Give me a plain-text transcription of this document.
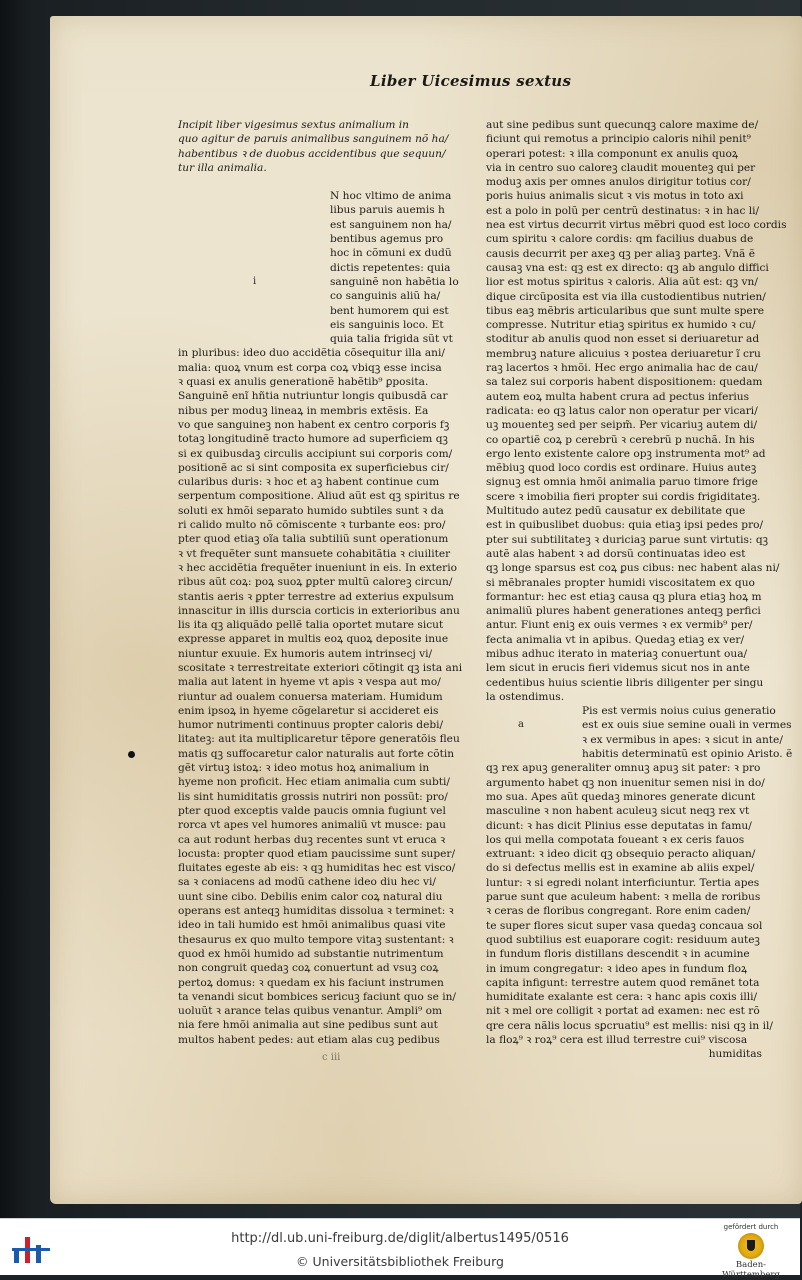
Liber Uicesimus sextus

Incipit liber vigesimus sextus animalium in

quo agitur de paruis animalibus sanguinem nõ ha/

habentibus ꝛ de duobus accidentibus que sequun/

tur illa animalia.

i

N hoc vltimo de anima

libus paruis auemis h

est sanguinem non ha/

bentibus agemus pro

hoc in cõmuni ex dudũ

dictis repetentes: quia

sanguinẽ non habẽtia lo

co sanguinis aliũ ha/

bent humorem qui est

eis sanguinis loco. Et

quia talia frigida sũt vt

in pluribus: ideo duo accidẽtia cõsequitur illa ani/

malia: quoꝝ vnum est corpa coꝝ vbiqꝫ esse incisa

ꝛ quasi ex anulis generationẽ habẽtib⁹ ꝑposita.

Sanguinẽ enĩ hñtia nutriuntur longis quibusdã car

nibus per moduꝫ lineaꝝ in membris extẽsis. Ea

vo que sanguineꝫ non habent ex centro corporis fꝫ

totaꝫ longitudinẽ tracto humore ad superficiem qꝫ

si ex quibusdaꝫ circulis accipiunt sui corporis com/

positionẽ ac si sint composita ex superficiebus cir/

cularibus duris: ꝛ hoc et aꝫ habent continue cum

serpentum compositione. Aliud aũt est qꝫ spiritus re

soluti ex hmõi separato humido subtiles sunt ꝛ da

ri calido multo nõ cõmiscente ꝛ turbante eos: pro/

pter quod etiaꝫ oĩa talia subtiliũ sunt operationum

ꝛ vt frequẽter sunt mansuete cohabitãtia ꝛ ciuiliter

ꝛ hec accidẽtia frequẽter inueniunt in eis. In exterio

ribus aũt coꝝ: poꝝ suoꝝ ꝑpter multũ caloreꝫ circun/

stantis aeris ꝛ ꝑpter terrestre ad exterius expulsum

innascitur in illis durscia corticis in exterioribus anu

lis ita qꝫ aliquãdo pellẽ talia oportet mutare sicut

expresse apparet in multis eoꝝ quoꝝ deposite inue

niuntur exuuie. Ex humoris autem intrinsecj vi/

scositate ꝛ terrestreitate exteriori cõtingit qꝫ ista ani

malia aut latent in hyeme vt apis ꝛ vespa aut mo/

riuntur ad oualem conuersa materiam. Humidum

enim ipsoꝝ in hyeme cõgelaretur si accideret eis

humor nutrimenti continuus propter caloris debi/

litateꝫ: aut ita multiplicaretur tẽpore generatõis fleu

matis qꝫ suffocaretur calor naturalis aut forte cõtin

gẽt virtuꝫ istoꝝ: ꝛ ideo motus hoꝝ animalium in

hyeme non proficit. Hec etiam animalia cum subti/

lis sint humiditatis grossis nutriri non possũt: pro/

pter quod exceptis valde paucis omnia fugiunt vel

rorca vt apes vel humores animaliũ vt musce: pau

ca aut rodunt herbas duꝫ recentes sunt vt eruca ꝛ

locusta: propter quod etiam paucissime sunt super/

fluitates egeste ab eis: ꝛ qꝫ humiditas hec est visco/

sa ꝛ coniacens ad modũ cathene ideo diu hec vi/

uunt sine cibo. Debilis enim calor coꝝ natural diu

operans est anteqꝫ humiditas dissolua ꝛ terminet: ꝛ

ideo in tali humido est hmõi animalibus quasi vite

thesaurus ex quo multo tempore vitaꝫ sustentant: ꝛ

quod ex hmõi humido ad substantie nutrimentum

non congruit quedaꝫ coꝝ conuertunt ad vsuꝫ coꝝ

pertoꝝ domus: ꝛ quedam ex his faciunt instrumen

ta venandi sicut bombices sericuꝫ faciunt quo se in/

uoluũt ꝛ arance telas quibus venantur. Ampli⁹ om

nia fere hmõi animalia aut sine pedibus sunt aut

multos habent pedes: aut etiam alas cuꝫ pedibus

aut sine pedibus sunt quecunqꝫ calore maxime de/

ficiunt qui remotus a principio caloris nihil penit⁹

operari potest: ꝛ illa componunt ex anulis quoꝝ

via in centro suo caloreꝫ claudit mouenteꝫ qui per

moduꝫ axis per omnes anulos dirigitur totius cor/

poris huius animalis sicut ꝛ vis motus in toto axi

est a polo in polũ per centrũ destinatus: ꝛ in hac li/

nea est virtus decurrit virtus mẽbri quod est loco cordis

cum spiritu ꝛ calore cordis: qm facilius duabus de

causis decurrit per axeꝫ qꝫ per aliaꝫ parteꝫ. Vnã ẽ

causaꝫ vna est: qꝫ est ex directo: qꝫ ab angulo diffici

lior est motus spiritus ꝛ caloris. Alia aũt est: qꝫ vn/

dique circũposita est via illa custodientibus nutrien/

tibus eaꝫ mẽbris articularibus que sunt multe spere

compresse. Nutritur etiaꝫ spiritus ex humido ꝛ cu/

stoditur ab anulis quod non esset si deriuaretur ad

membruꝫ nature alicuius ꝛ postea deriuaretur ĩ cru

raꝫ lacertos ꝛ hmõi. Hec ergo animalia hac de cau/

sa talez sui corporis habent dispositionem: quedam

autem eoꝝ multa habent crura ad pectus inferius

radicata: eo qꝫ latus calor non operatur per vicari/

uꝫ mouenteꝫ sed per seipm̃. Per vicariuꝫ autem di/

co opartiẽ coꝝ p cerebrũ ꝛ cerebrũ p nuchã. In his

ergo lento existente calore opꝫ instrumenta mot⁹ ad

mẽbiuꝫ quod loco cordis est ordinare. Huius auteꝫ

signuꝫ est omnia hmõi animalia paruo timore frige

scere ꝛ imobilia fieri propter sui cordis frigiditateꝫ.

Multitudo autez pedũ causatur ex debilitate que

est in quibuslibet duobus: quia etiaꝫ ipsi pedes pro/

pter sui subtilitateꝫ ꝛ duriciaꝫ parue sunt virtutis: qꝫ

autẽ alas habent ꝛ ad dorsũ continuatas ideo est

qꝫ longe sparsus est coꝝ ꝑus cibus: nec habent alas ni/

si mẽbranales propter humidi viscositatem ex quo

formantur: hec est etiaꝫ causa qꝫ plura etiaꝫ hoꝝ m

animaliũ plures habent generationes anteqꝫ perfici

antur. Fiunt eniꝫ ex ouis vermes ꝛ ex vermib⁹ per/

fecta animalia vt in apibus. Quedaꝫ etiaꝫ ex ver/

mibus adhuc iterato in materiaꝫ conuertunt oua/

lem sicut in erucis fieri videmus sicut nos in ante

cedentibus huius scientie libris diligenter per singu

la ostendimus.

Pis est vermis noius cuius generatio

a	est ex ouis siue semine ouali in vermes

ꝛ ex vermibus in apes: ꝛ sicut in ante/

habitis determinatũ est opinio Aristo. ẽ

qꝫ rex apuꝫ generaliter omnuꝫ apuꝫ sit pater: ꝛ pro

argumento habet qꝫ non inuenitur semen nisi in do/

mo sua. Apes aũt quedaꝫ minores generate dicunt

masculine ꝛ non habent aculeuꝫ sicut neqꝫ rex vt

dicunt: ꝛ has dicit Plinius esse deputatas in famu/

los qui mella compotata foueant ꝛ ex ceris fauos

extruant: ꝛ ideo dicit qꝫ obsequio peracto aliquan/

do si defectus mellis est in examine ab aliis expel/

luntur: ꝛ si egredi nolant interficiuntur. Tertia apes

parue sunt que aculeum habent: ꝛ mella de roribus

ꝛ ceras de floribus congregant. Rore enim caden/

te super flores sicut super vasa quedaꝫ concaua sol

quod subtilius est euaporare cogit: residuum auteꝫ

in fundum floris distillans descendit ꝛ in acumine

in imum congregatur: ꝛ ideo apes in fundum floꝝ

capita infigunt: terrestre autem quod remãnet tota

humiditate exalante est cera: ꝛ hanc apis coxis illi/

nit ꝛ mel ore colligit ꝛ portat ad examen: nec est rõ

qre cera nãlis locus sꝑcruatiu⁹ est mellis: nisi qꝫ in il/

la floꝝ⁹ ꝛ roꝝ⁹ cera est illud terrestre cui⁹ viscosa

humiditas

c iii
http://dl.ub.uni-freiburg.de/diglit/albertus1495/0516
© Universitätsbibliothek Freiburg
gefördert durch
Baden-Württemberg
